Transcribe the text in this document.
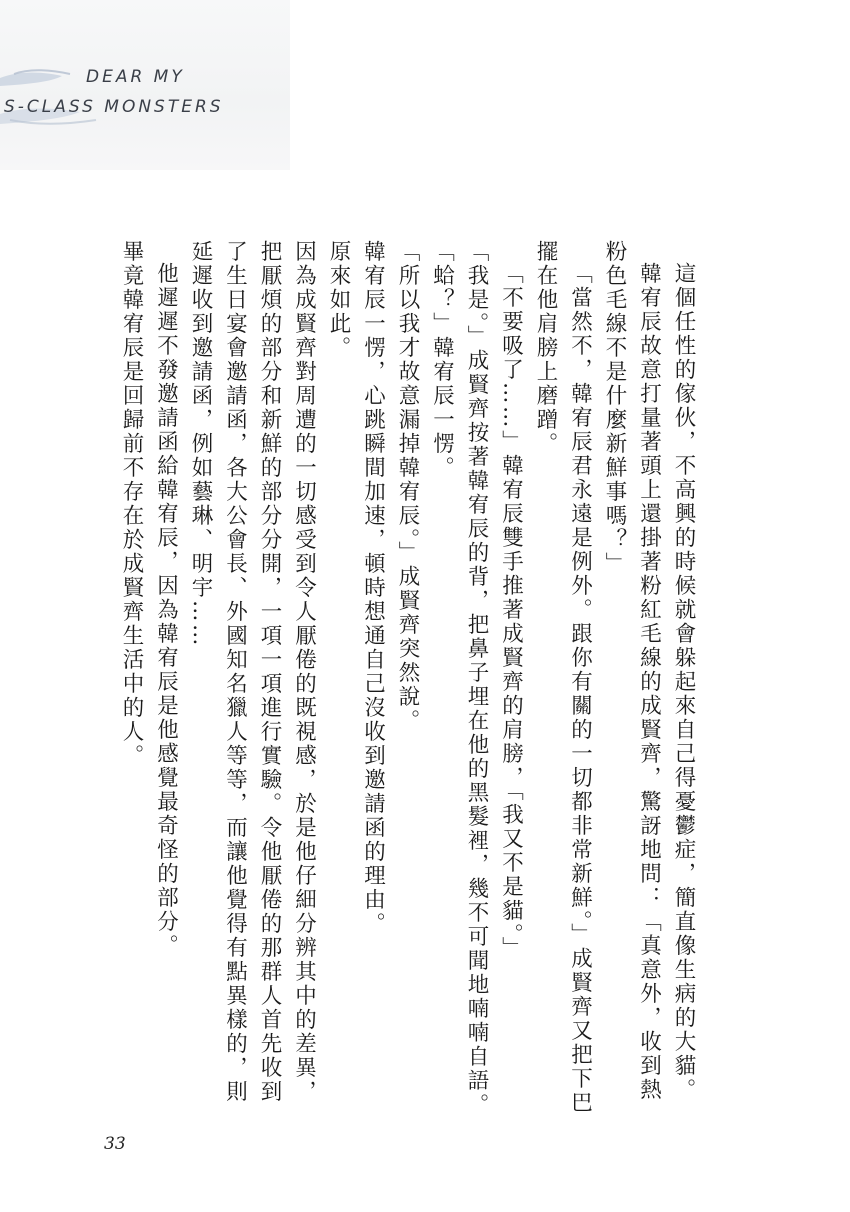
DEAR MY
S-CLASS MONSTERS

這個任性的傢伙，不高興的時候就會躲起來自己得憂鬱症，簡直像生病的大貓。

韓宥辰故意打量著頭上還掛著粉紅毛線的成賢齊，驚訝地問：「真意外，收到熱粉色毛線不是什麼新鮮事嗎？」

「當然不，韓宥辰君永遠是例外。跟你有關的一切都非常新鮮。」成賢齊又把下巴擺在他肩膀上磨蹭。

「不要吸了……」韓宥辰雙手推著成賢齊的肩膀，「我又不是貓。」

「我是。」成賢齊按著韓宥辰的背，把鼻子埋在他的黑髮裡，幾不可聞地喃喃自語。

「蛤？」韓宥辰一愣。

「所以我才故意漏掉韓宥辰。」成賢齊突然說。

韓宥辰一愣，心跳瞬間加速，頓時想通自己沒收到邀請函的理由。

原來如此。

因為成賢齊對周遭的一切感受到令人厭倦的既視感，於是他仔細分辨其中的差異，把厭煩的部分和新鮮的部分分開，一項一項進行實驗。令他厭倦的那群人首先收到了生日宴會邀請函，各大公會長、外國知名獵人等等，而讓他覺得有點異樣的，則延遲收到邀請函，例如藝琳、明宇……

他遲遲不發邀請函給韓宥辰，因為韓宥辰是他感覺最奇怪的部分。

畢竟韓宥辰是回歸前不存在於成賢齊生活中的人。

33
